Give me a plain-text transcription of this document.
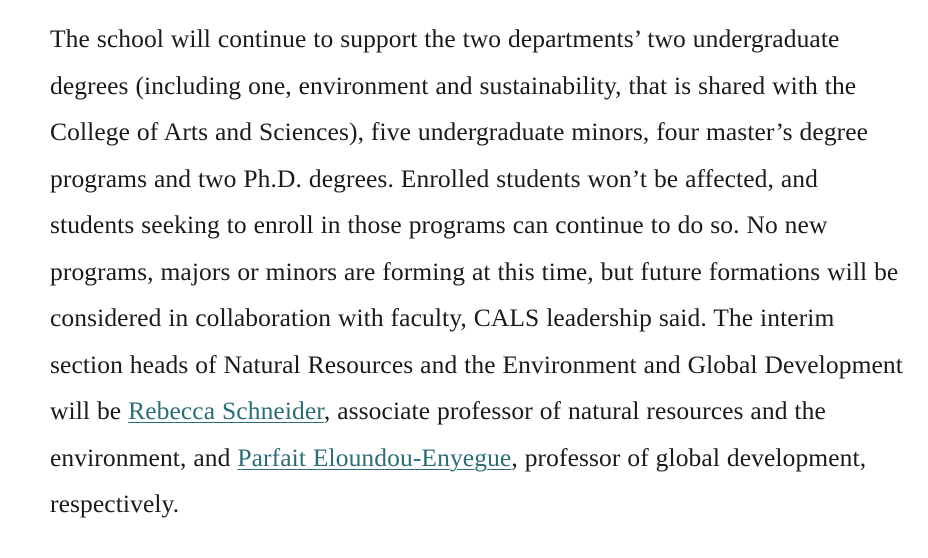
The school will continue to support the two departments’ two undergraduate degrees (including one, environment and sustainability, that is shared with the College of Arts and Sciences), five undergraduate minors, four master’s degree programs and two Ph.D. degrees. Enrolled students won’t be affected, and students seeking to enroll in those programs can continue to do so. No new programs, majors or minors are forming at this time, but future formations will be considered in collaboration with faculty, CALS leadership said. The interim section heads of Natural Resources and the Environment and Global Development will be Rebecca Schneider, associate professor of natural resources and the environment, and Parfait Eloundou-Enyegue, professor of global development, respectively.
